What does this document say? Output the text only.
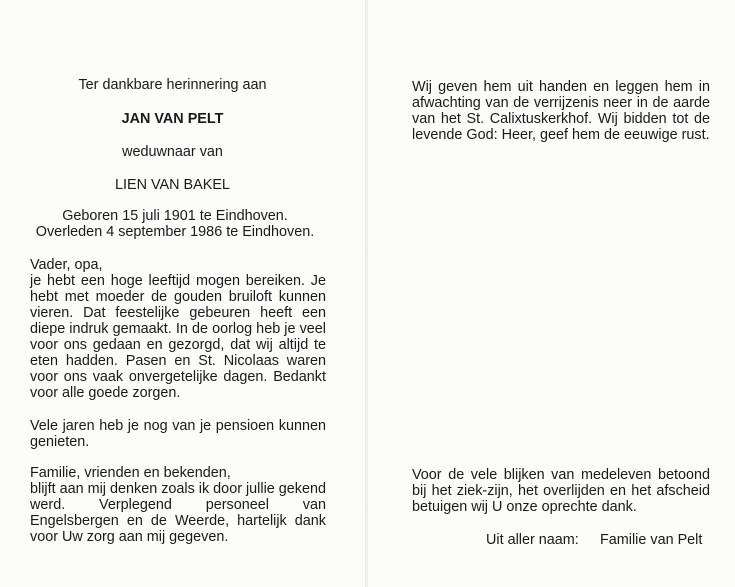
Ter dankbare herinnering aan
JAN VAN PELT
weduwnaar van
LIEN VAN BAKEL
Geboren 15 juli 1901 te Eindhoven.
Overleden 4 september 1986 te Eindhoven.
Vader, opa,
je hebt een hoge leeftijd mogen bereiken. Je hebt met moeder de gouden bruiloft kunnen vieren. Dat feestelijke gebeuren heeft een diepe indruk gemaakt. In de oorlog heb je veel voor ons gedaan en gezorgd, dat wij altijd te eten hadden. Pasen en St. Nicolaas waren voor ons vaak onvergetelijke dagen. Bedankt voor alle goede zorgen.
Vele jaren heb je nog van je pensioen kunnen genieten.
Familie, vrienden en bekenden,
blijft aan mij denken zoals ik door jullie gekend werd. Verplegend personeel van Engelsbergen en de Weerde, hartelijk dank voor Uw zorg aan mij gegeven.
Wij geven hem uit handen en leggen hem in afwachting van de verrijzenis neer in de aarde van het St. Calixtuskerkhof. Wij bidden tot de levende God: Heer, geef hem de eeuwige rust.
Voor de vele blijken van medeleven betoond bij het ziek-zijn, het overlijden en het afscheid betuigen wij U onze oprechte dank.
Uit aller naam: Familie van Pelt
